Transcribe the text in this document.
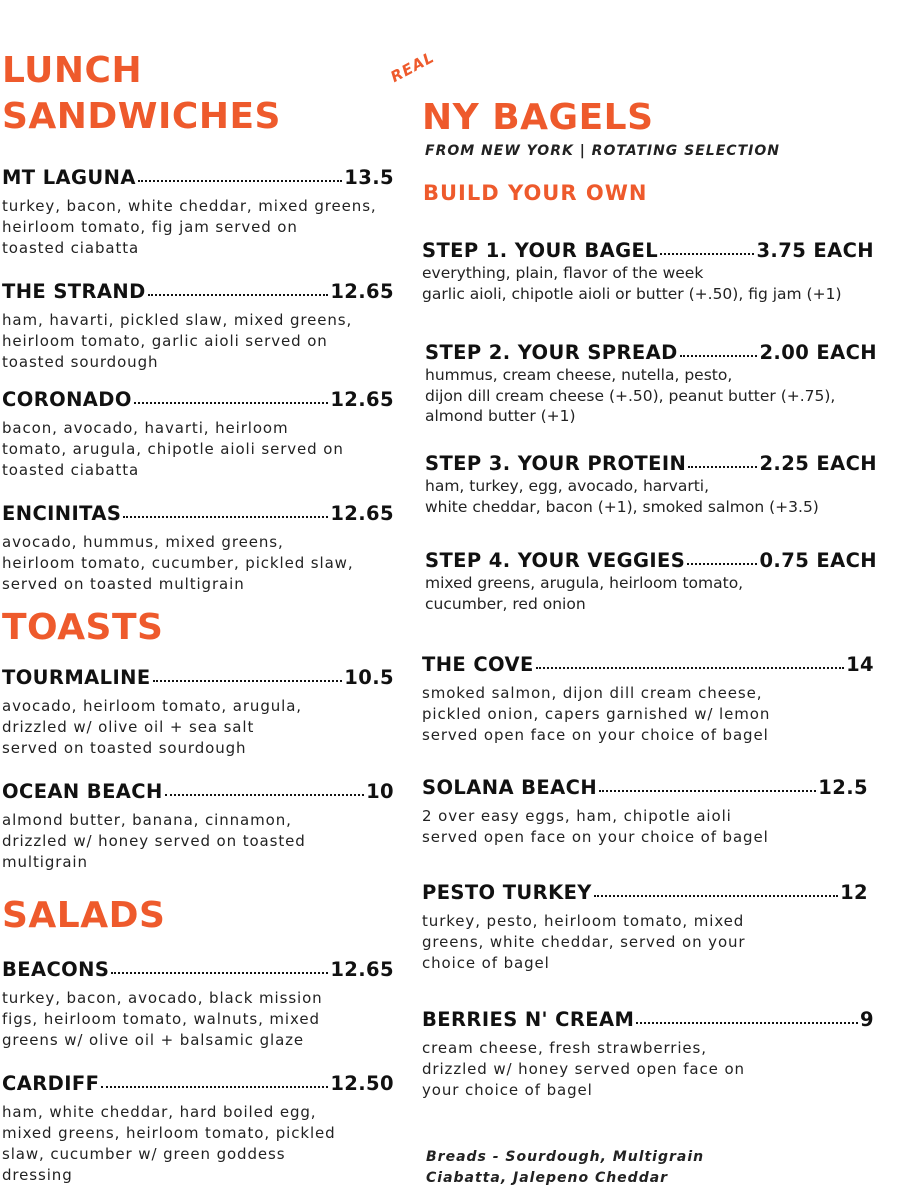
LUNCH
SANDWICHES
MT LAGUNA	13.5
turkey, bacon, white cheddar, mixed greens,
heirloom tomato, fig jam served on
toasted ciabatta
THE STRAND	12.65
ham, havarti, pickled slaw, mixed greens,
heirloom tomato, garlic aioli served on
toasted sourdough
CORONADO	12.65
bacon, avocado, havarti, heirloom
tomato, arugula, chipotle aioli served on
toasted ciabatta
ENCINITAS	12.65
avocado, hummus, mixed greens,
heirloom tomato, cucumber, pickled slaw,
served on toasted multigrain
TOASTS
TOURMALINE	10.5
avocado, heirloom tomato, arugula,
drizzled w/ olive oil + sea salt
served on toasted sourdough
OCEAN BEACH	10
almond butter, banana, cinnamon,
drizzled w/ honey served on toasted
multigrain
SALADS
BEACONS	12.65
turkey, bacon, avocado, black mission
figs, heirloom tomato, walnuts, mixed
greens w/ olive oil + balsamic glaze
CARDIFF	12.50
ham, white cheddar, hard boiled egg,
mixed greens, heirloom tomato, pickled
slaw, cucumber w/ green goddess
dressing
REAL
NY BAGELS
FROM NEW YORK | ROTATING SELECTION
BUILD YOUR OWN
STEP 1. YOUR BAGEL	3.75 EACH
everything, plain, flavor of the week
garlic aioli, chipotle aioli or butter (+.50), fig jam (+1)
STEP 2. YOUR SPREAD	2.00 EACH
hummus, cream cheese, nutella, pesto,
dijon dill cream cheese (+.50), peanut butter (+.75),
almond butter (+1)
STEP 3. YOUR PROTEIN	2.25 EACH
ham, turkey, egg, avocado, harvarti,
white cheddar, bacon (+1), smoked salmon (+3.5)
STEP 4. YOUR VEGGIES	0.75 EACH
mixed greens, arugula, heirloom tomato,
cucumber, red onion
THE COVE	14
smoked salmon, dijon dill cream cheese,
pickled onion, capers garnished w/ lemon
served open face on your choice of bagel
SOLANA BEACH	12.5
2 over easy eggs, ham, chipotle aioli
served open face on your choice of bagel
PESTO TURKEY	12
turkey, pesto, heirloom tomato, mixed
greens, white cheddar, served on your
choice of bagel
BERRIES N' CREAM	9
cream cheese, fresh strawberries,
drizzled w/ honey served open face on
your choice of bagel
Breads - Sourdough, Multigrain
Ciabatta, Jalepeno Cheddar
